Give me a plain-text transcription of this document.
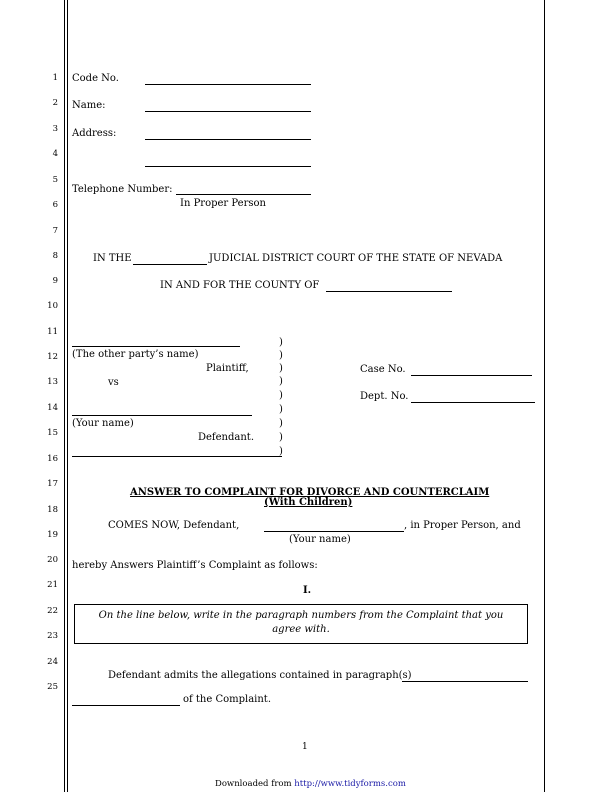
1
2
3
4
5
6
7
8
9
10
11
12
13
14
15
16
17
18
19
20
21
22
23
24
25
Code No.
Name:
Address:
Telephone Number:
In Proper Person
IN THE	JUDICIAL DISTRICT COURT OF THE STATE OF NEVADA
IN AND FOR THE COUNTY OF
(The other party’s name)
Plaintiff,
vs
(Your name)
Defendant.
)
)
)
)
)
)
)
)
)
Case No.
Dept. No.
ANSWER TO COMPLAINT FOR DIVORCE AND COUNTERCLAIM
(With Children)
COMES NOW, Defendant,	, in Proper Person, and
(Your name)
hereby Answers Plaintiff’s Complaint as follows:
I.
On the line below, write in the paragraph numbers from the Complaint that you agree with.
Defendant admits the allegations contained in paragraph(s)
of the Complaint.
1
Downloaded from http://www.tidyforms.com
